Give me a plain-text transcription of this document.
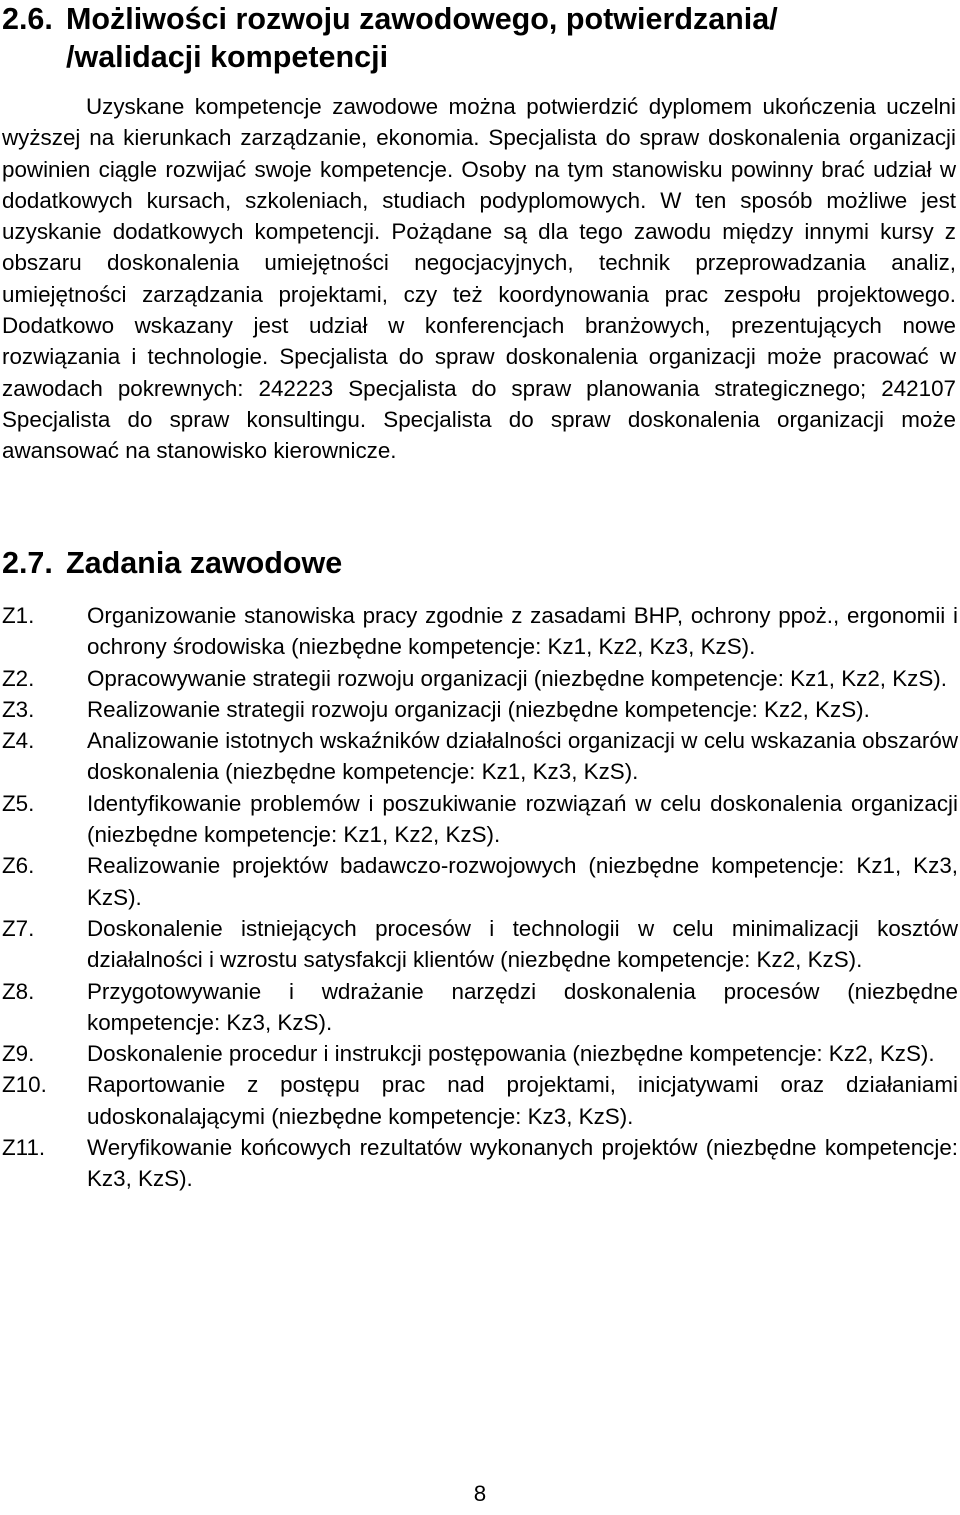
2.6. Możliwości rozwoju zawodowego, potwierdzania/
/walidacji kompetencji

Uzyskane kompetencje zawodowe można potwierdzić dyplomem ukończenia uczelni wyższej na kierunkach zarządzanie, ekonomia. Specjalista do spraw doskonalenia organizacji powinien ciągle rozwijać swoje kompetencje. Osoby na tym stanowisku powinny brać udział w dodatkowych kursach, szkoleniach, studiach podyplomowych. W ten sposób możliwe jest uzyskanie dodatkowych kompetencji. Pożądane są dla tego zawodu między innymi kursy z obszaru doskonalenia umiejętności negocjacyjnych, technik przeprowadzania analiz, umiejętności zarządzania projektami, czy też koordynowania prac zespołu projektowego. Dodatkowo wskazany jest udział w konferencjach branżowych, prezentujących nowe rozwiązania i technologie. Specjalista do spraw doskonalenia organizacji może pracować w zawodach pokrewnych: 242223 Specjalista do spraw planowania strategicznego; 242107 Specjalista do spraw konsultingu. Specjalista do spraw doskonalenia organizacji może awansować na stanowisko kierownicze.

2.7. Zadania zawodowe
Z1. Organizowanie stanowiska pracy zgodnie z zasadami BHP, ochrony ppoż., ergonomii i ochrony środowiska (niezbędne kompetencje: Kz1, Kz2, Kz3, KzS).
Z2. Opracowywanie strategii rozwoju organizacji (niezbędne kompetencje: Kz1, Kz2, KzS).
Z3. Realizowanie strategii rozwoju organizacji (niezbędne kompetencje: Kz2, KzS).
Z4. Analizowanie istotnych wskaźników działalności organizacji w celu wskazania obszarów doskonalenia (niezbędne kompetencje: Kz1, Kz3, KzS).
Z5. Identyfikowanie problemów i poszukiwanie rozwiązań w celu doskonalenia organizacji (niezbędne kompetencje: Kz1, Kz2, KzS).
Z6. Realizowanie projektów badawczo-rozwojowych (niezbędne kompetencje: Kz1, Kz3, KzS).
Z7. Doskonalenie istniejących procesów i technologii w celu minimalizacji kosztów działalności i wzrostu satysfakcji klientów (niezbędne kompetencje: Kz2, KzS).
Z8. Przygotowywanie i wdrażanie narzędzi doskonalenia procesów (niezbędne kompetencje: Kz3, KzS).
Z9. Doskonalenie procedur i instrukcji postępowania (niezbędne kompetencje: Kz2, KzS).
Z10. Raportowanie z postępu prac nad projektami, inicjatywami oraz działaniami udoskonalającymi (niezbędne kompetencje: Kz3, KzS).
Z11. Weryfikowanie końcowych rezultatów wykonanych projektów (niezbędne kompetencje: Kz3, KzS).

8
